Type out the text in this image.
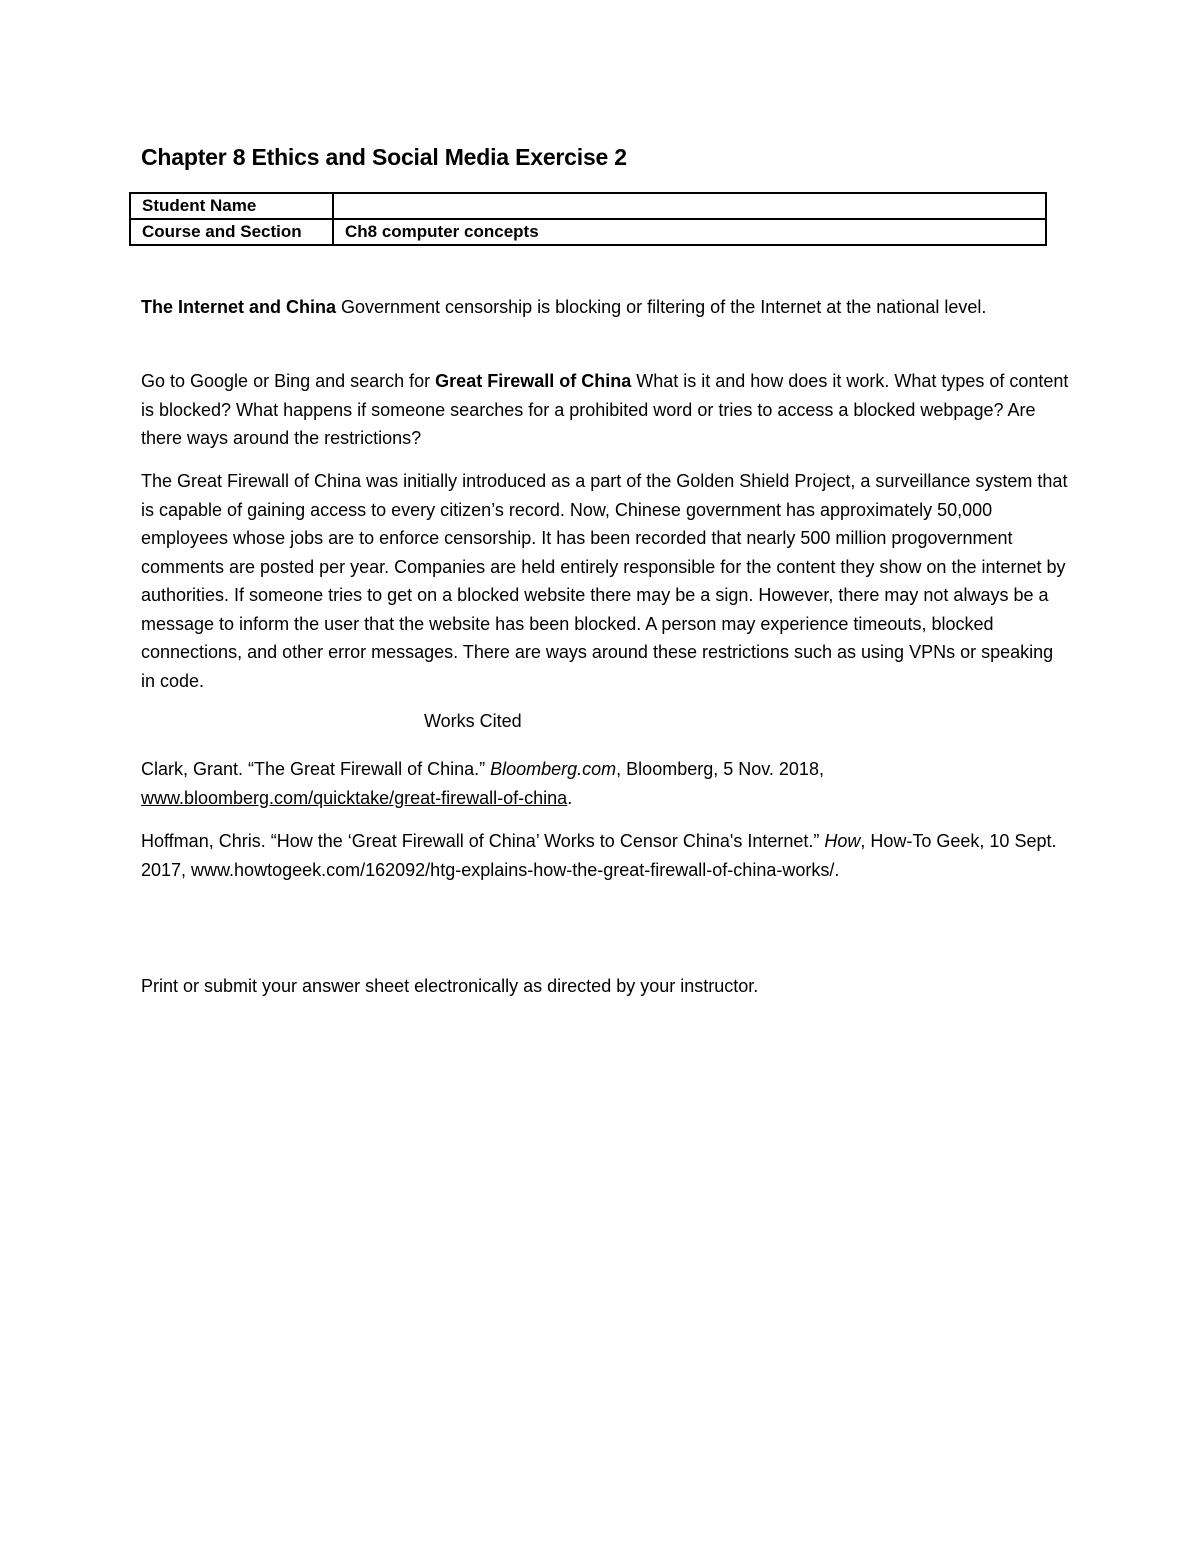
Chapter 8 Ethics and Social Media Exercise 2
Student Name	
Course and Section	Ch8 computer concepts

The Internet and China Government censorship is blocking or filtering of the Internet at the national level.

Go to Google or Bing and search for Great Firewall of China What is it and how does it work. What types of content is blocked? What happens if someone searches for a prohibited word or tries to access a blocked webpage? Are there ways around the restrictions?

The Great Firewall of China was initially introduced as a part of the Golden Shield Project, a surveillance system that is capable of gaining access to every citizen’s record. Now, Chinese government has approximately 50,000 employees whose jobs are to enforce censorship. It has been recorded that nearly 500 million progovernment comments are posted per year. Companies are held entirely responsible for the content they show on the internet by authorities. If someone tries to get on a blocked website there may be a sign. However, there may not always be a message to inform the user that the website has been blocked. A person may experience timeouts, blocked connections, and other error messages. There are ways around these restrictions such as using VPNs or speaking in code.

Works Cited

Clark, Grant. “The Great Firewall of China.” Bloomberg.com, Bloomberg, 5 Nov. 2018, www.bloomberg.com/quicktake/great-firewall-of-china.

Hoffman, Chris. “How the ‘Great Firewall of China’ Works to Censor China's Internet.” How, How-To Geek, 10 Sept. 2017, www.howtogeek.com/162092/htg-explains-how-the-great-firewall-of-china-works/.

Print or submit your answer sheet electronically as directed by your instructor.
